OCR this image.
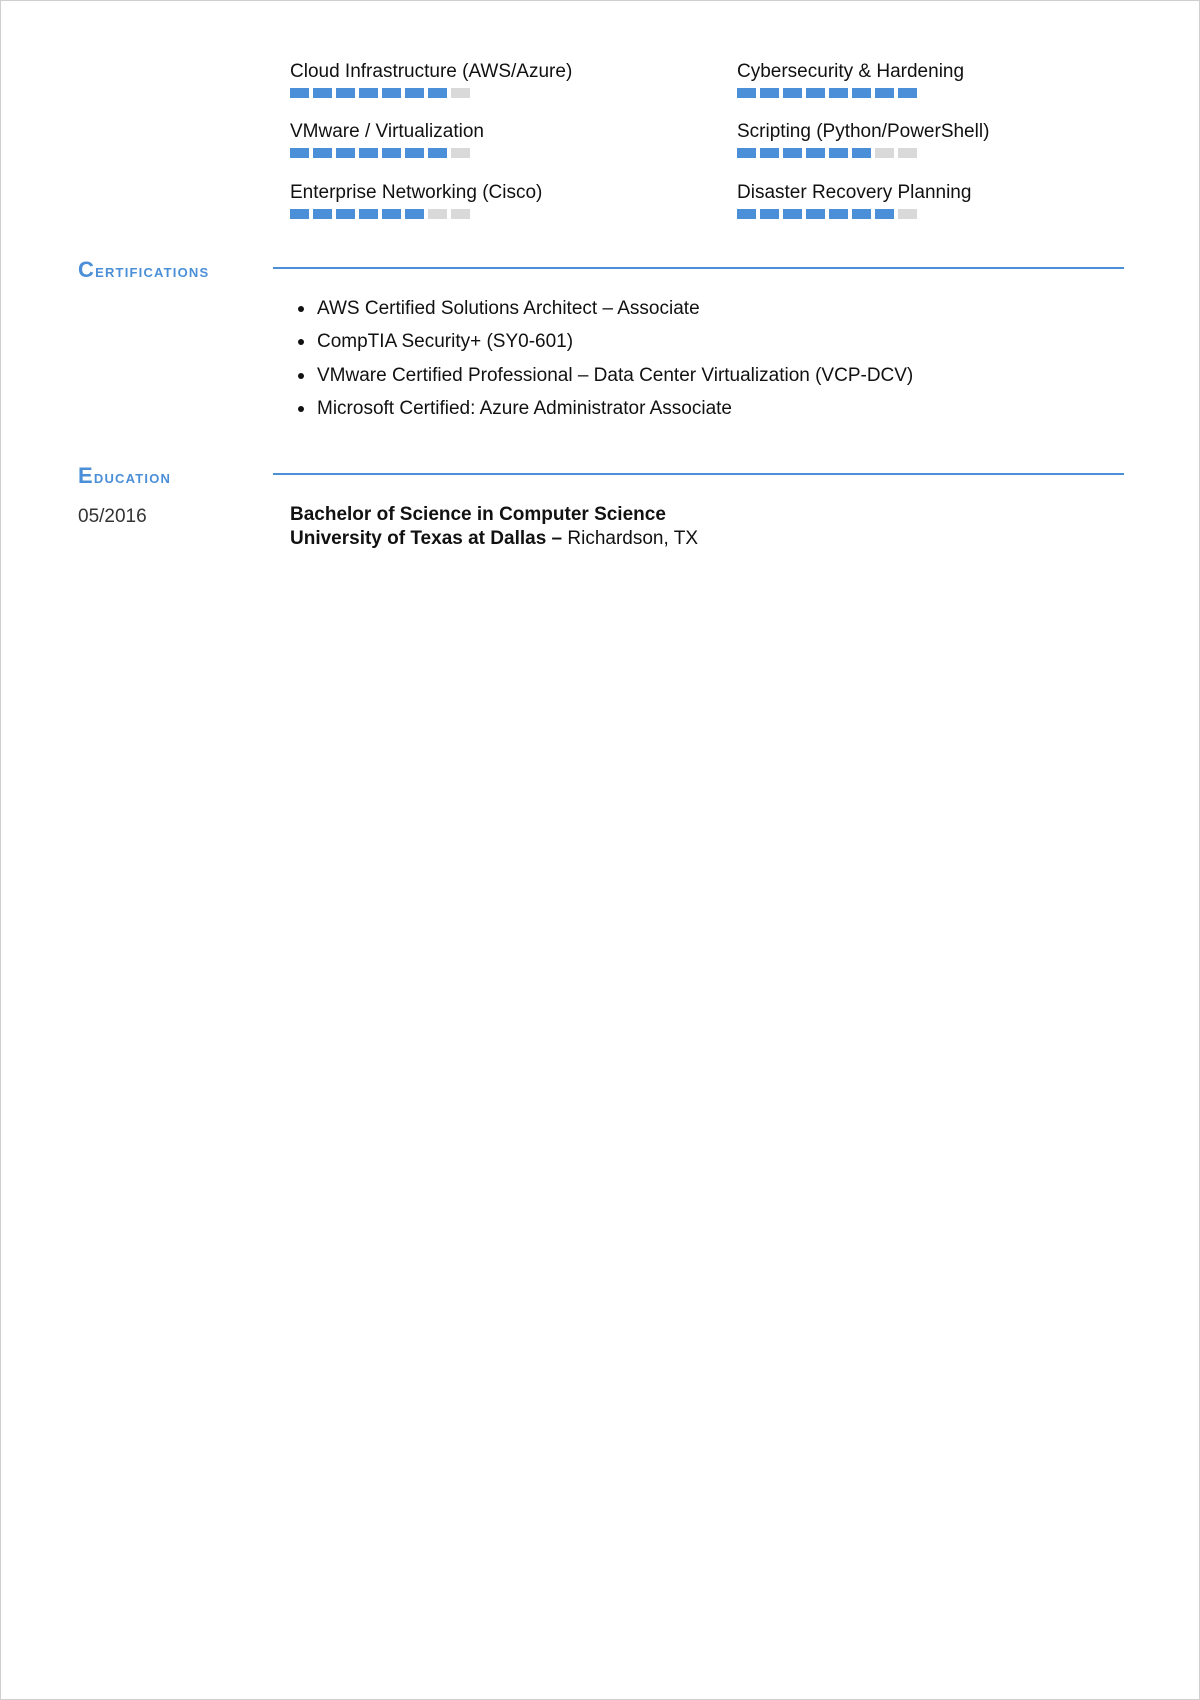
Cloud Infrastructure (AWS/Azure)	Cybersecurity & Hardening
VMware / Virtualization	Scripting (Python/PowerShell)
Enterprise Networking (Cisco)	Disaster Recovery Planning
Certifications
AWS Certified Solutions Architect – Associate
CompTIA Security+ (SY0-601)
VMware Certified Professional – Data Center Virtualization (VCP-DCV)
Microsoft Certified: Azure Administrator Associate
Education
05/2016	Bachelor of Science in Computer Science
University of Texas at Dallas – Richardson, TX
